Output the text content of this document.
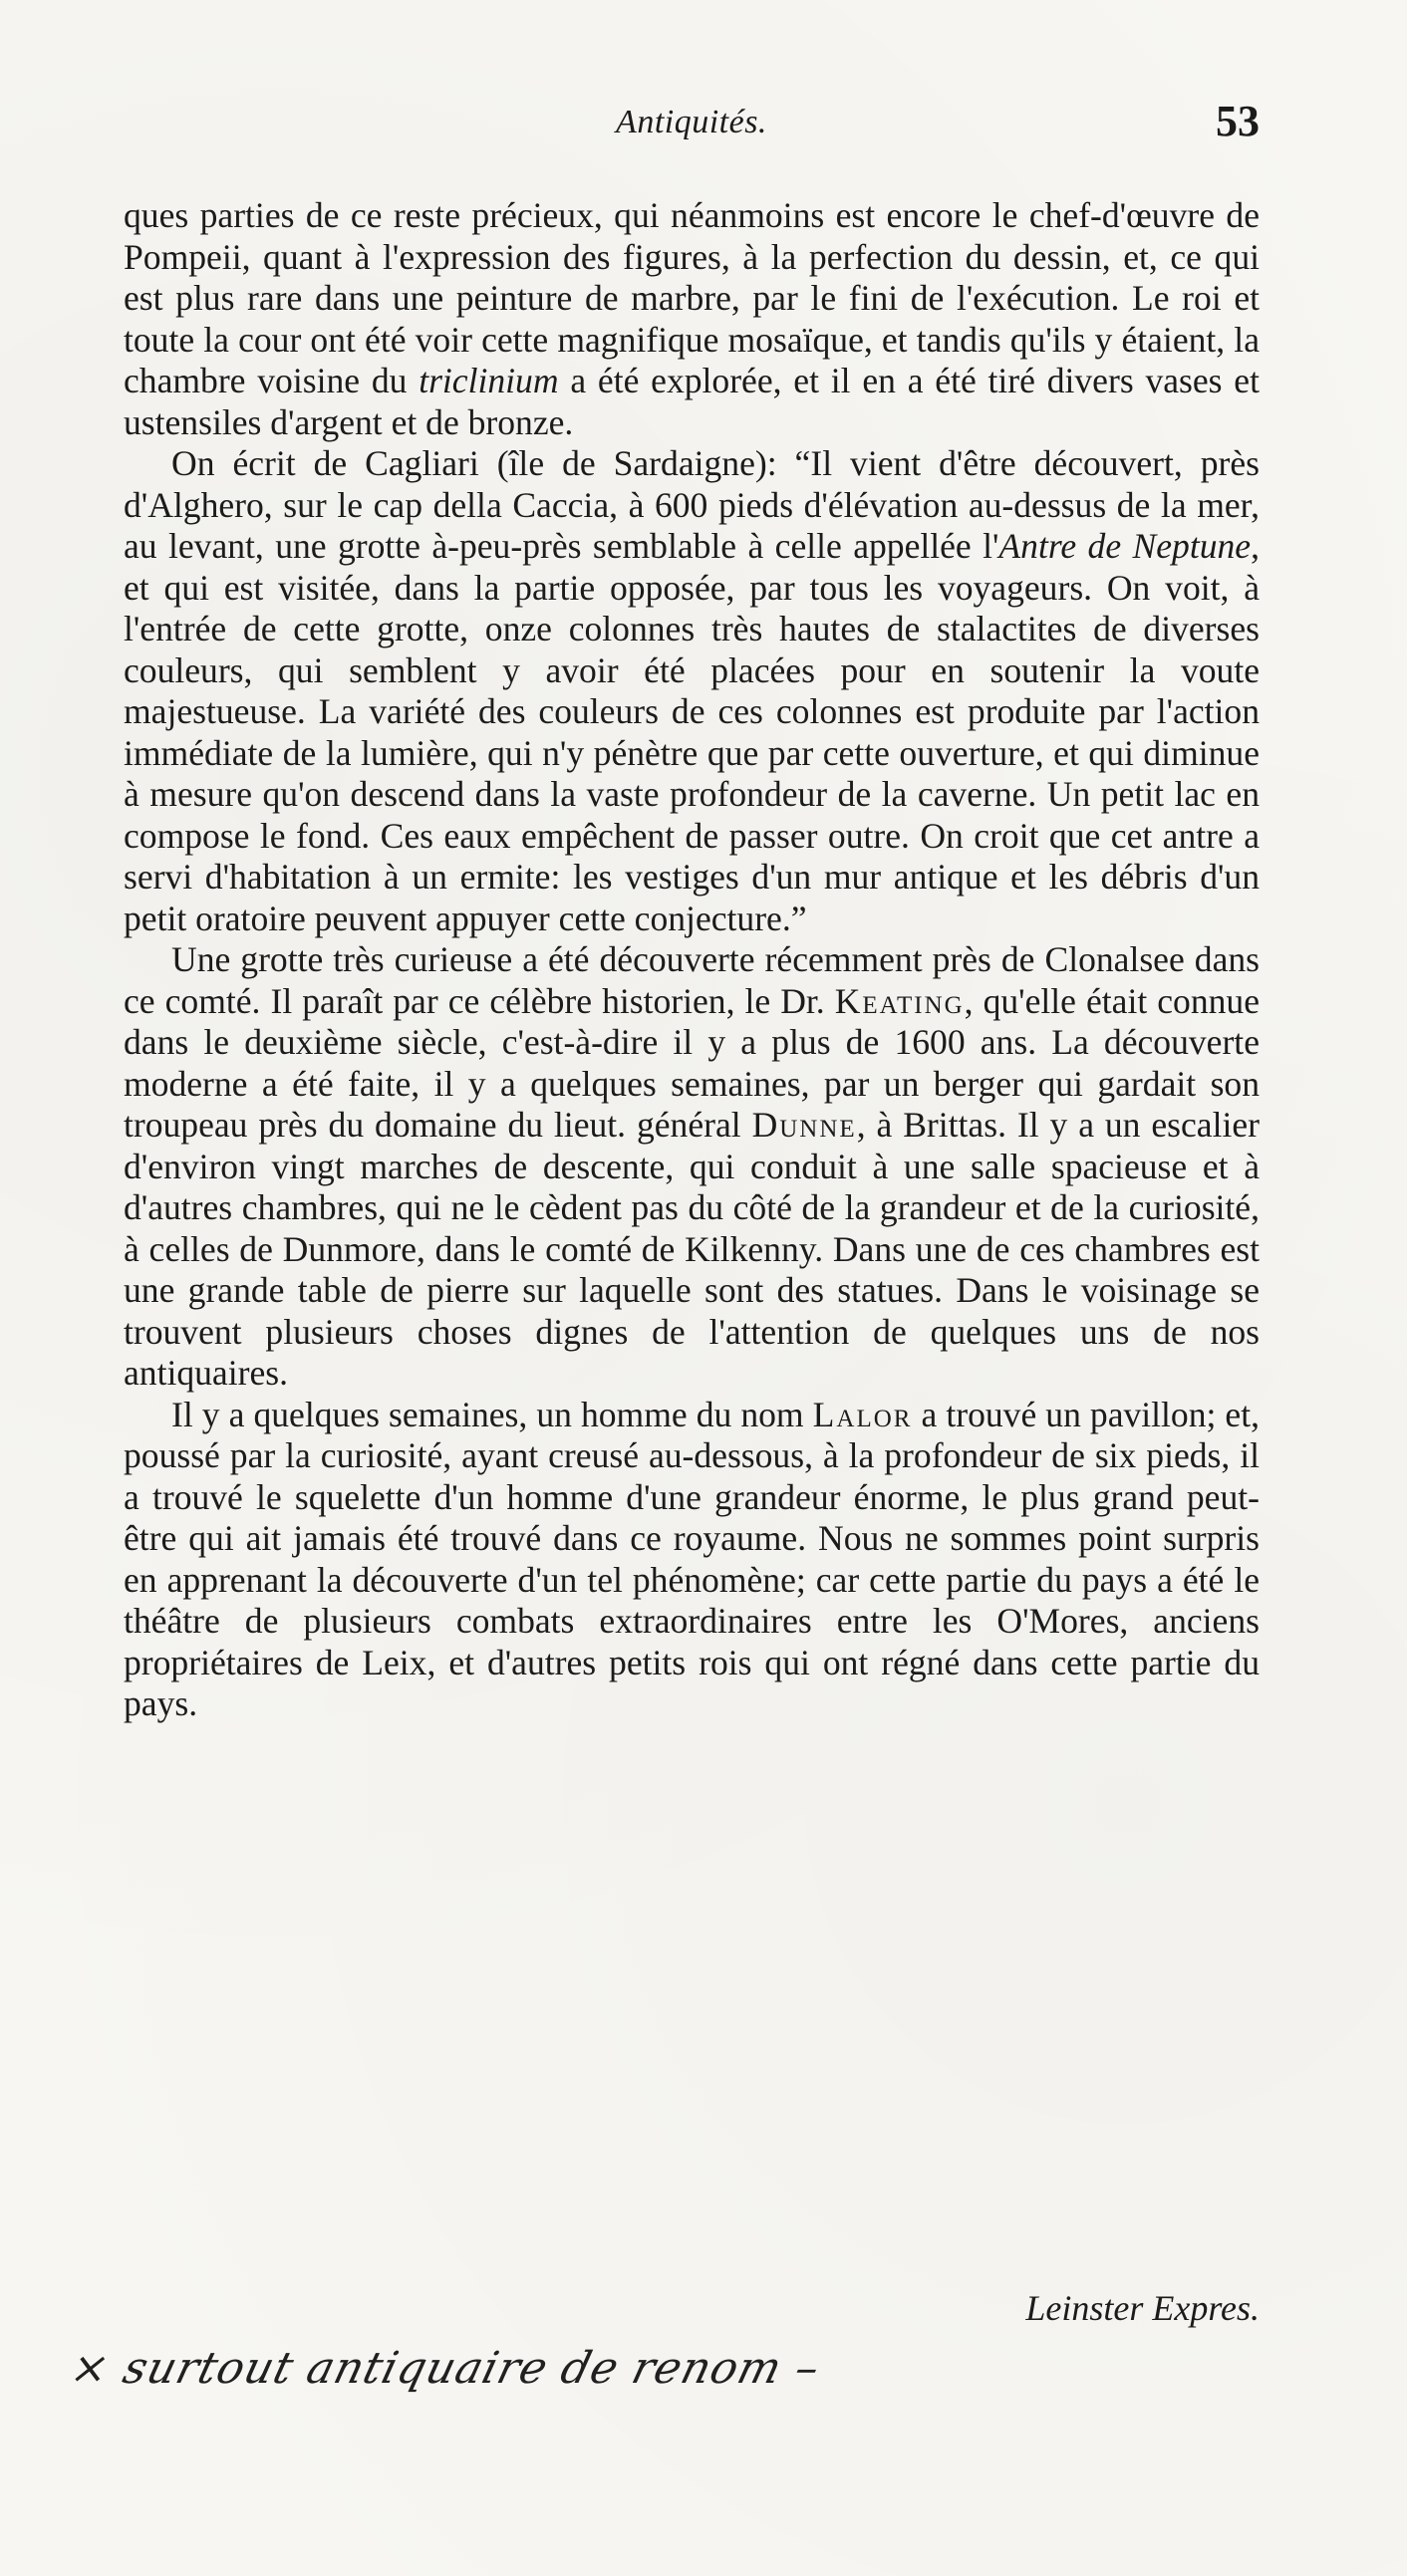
Antiquités.	53

ques parties de ce reste précieux, qui néanmoins est encore le chef-d'œuvre de Pompeii, quant à l'expression des figures, à la perfection du dessin, et, ce qui est plus rare dans une peinture de marbre, par le fini de l'exécution. Le roi et toute la cour ont été voir cette magnifique mosaïque, et tandis qu'ils y étaient, la chambre voisine du triclinium a été explorée, et il en a été tiré divers vases et ustensiles d'argent et de bronze.

On écrit de Cagliari (île de Sardaigne): “Il vient d'être découvert, près d'Alghero, sur le cap della Caccia, à 600 pieds d'élévation au-dessus de la mer, au levant, une grotte à-peu-près semblable à celle appellée l'Antre de Neptune, et qui est visitée, dans la partie opposée, par tous les voyageurs. On voit, à l'entrée de cette grotte, onze colonnes très hautes de stalactites de diverses couleurs, qui semblent y avoir été placées pour en soutenir la voute majestueuse. La variété des couleurs de ces colonnes est produite par l'action immédiate de la lumière, qui n'y pénètre que par cette ouverture, et qui diminue à mesure qu'on descend dans la vaste profondeur de la caverne. Un petit lac en compose le fond. Ces eaux empêchent de passer outre. On croit que cet antre a servi d'habitation à un ermite: les vestiges d'un mur antique et les débris d'un petit oratoire peuvent appuyer cette conjecture.”

Une grotte très curieuse a été découverte récemment près de Clonalsee dans ce comté. Il paraît par ce célèbre historien, le Dr. Keating, qu'elle était connue dans le deuxième siècle, c'est-à-dire il y a plus de 1600 ans. La découverte moderne a été faite, il y a quelques semaines, par un berger qui gardait son troupeau près du domaine du lieut. général Dunne, à Brittas. Il y a un escalier d'environ vingt marches de descente, qui conduit à une salle spacieuse et à d'autres chambres, qui ne le cèdent pas du côté de la grandeur et de la curiosité, à celles de Dunmore, dans le comté de Kilkenny. Dans une de ces chambres est une grande table de pierre sur laquelle sont des statues. Dans le voisinage se trouvent plusieurs choses dignes de l'attention de quelques uns de nos antiquaires.

Il y a quelques semaines, un homme du nom Lalor a trouvé un pavillon; et, poussé par la curiosité, ayant creusé au-dessous, à la profondeur de six pieds, il a trouvé le squelette d'un homme d'une grandeur énorme, le plus grand peut-être qui ait jamais été trouvé dans ce royaume. Nous ne sommes point surpris en apprenant la découverte d'un tel phénomène; car cette partie du pays a été le théâtre de plusieurs combats extraordinaires entre les O'Mores, anciens propriétaires de Leix, et d'autres petits rois qui ont régné dans cette partie du pays.

Leinster Expres.
× surtout antiquaire de renom –
